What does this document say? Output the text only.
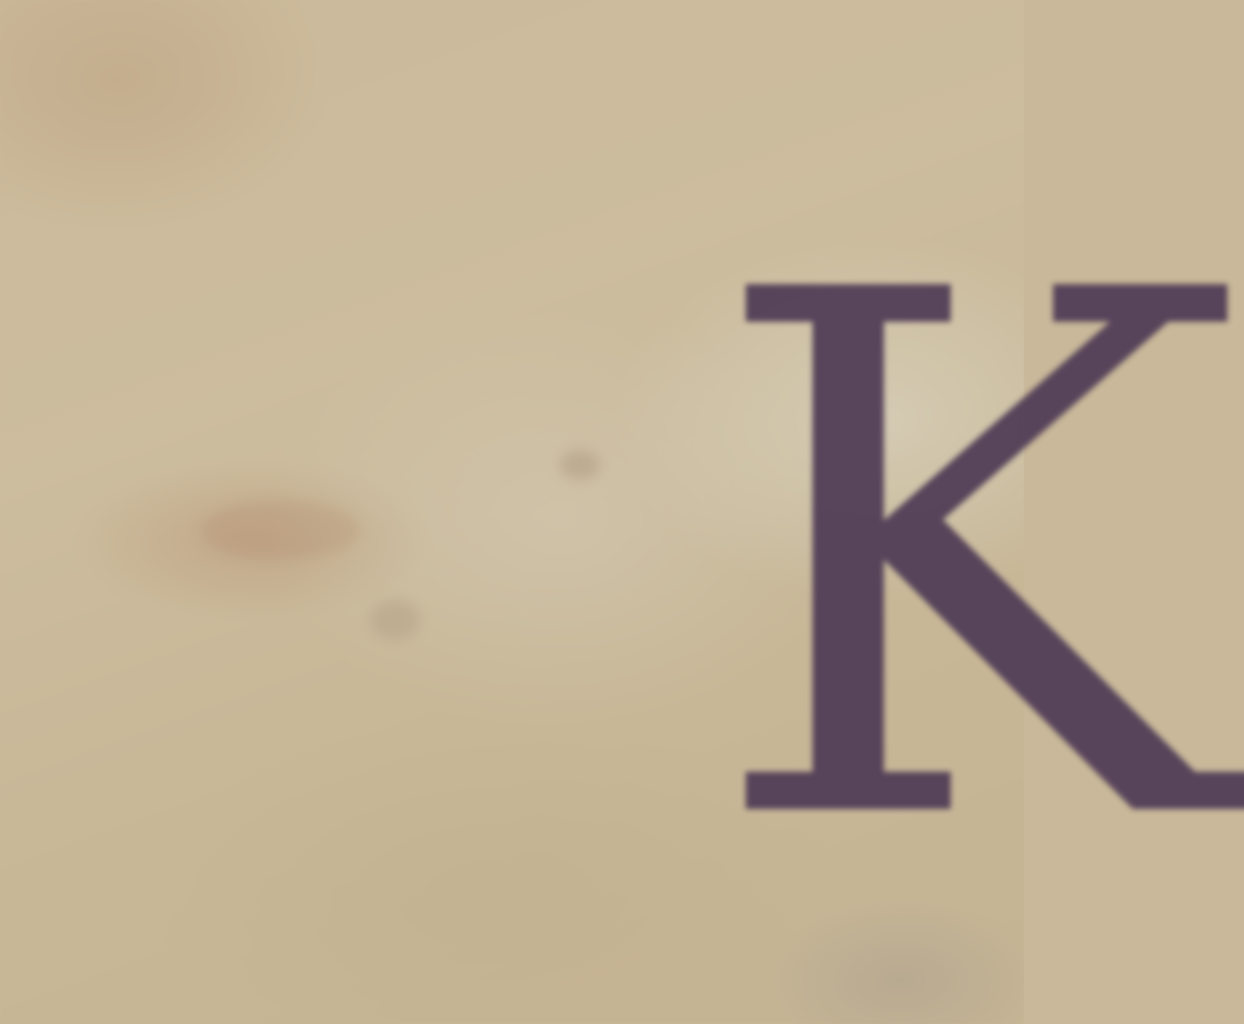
K
